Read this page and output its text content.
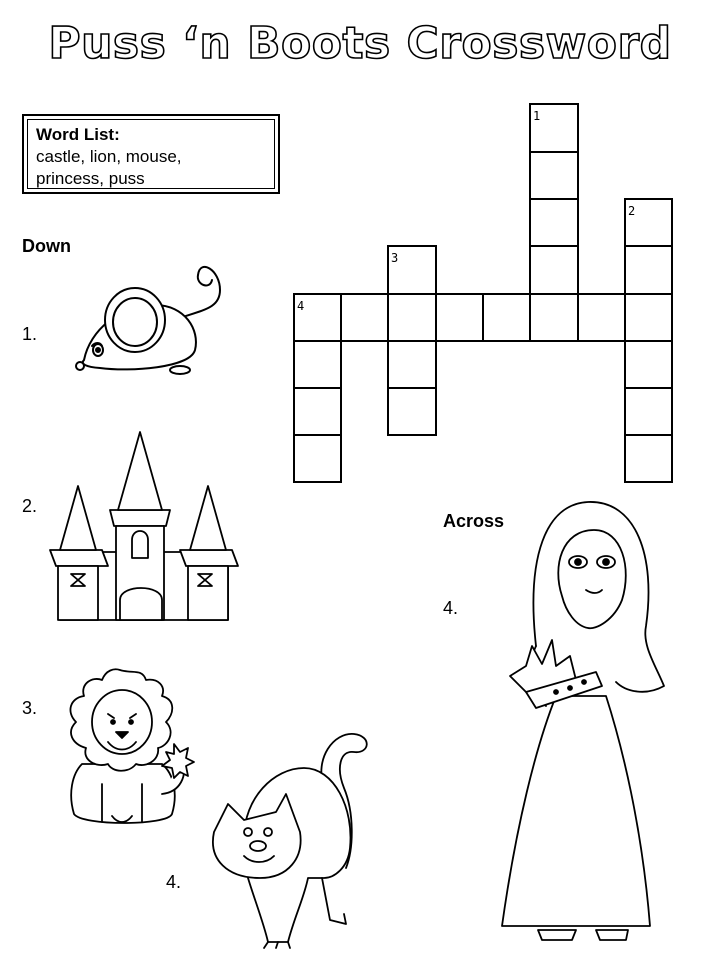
Puss ‘n Boots Crossword
Word List:
castle, lion, mouse,
princess, puss
Down
1.
2.
3.
4.
Across
4.
1
2
3
4
